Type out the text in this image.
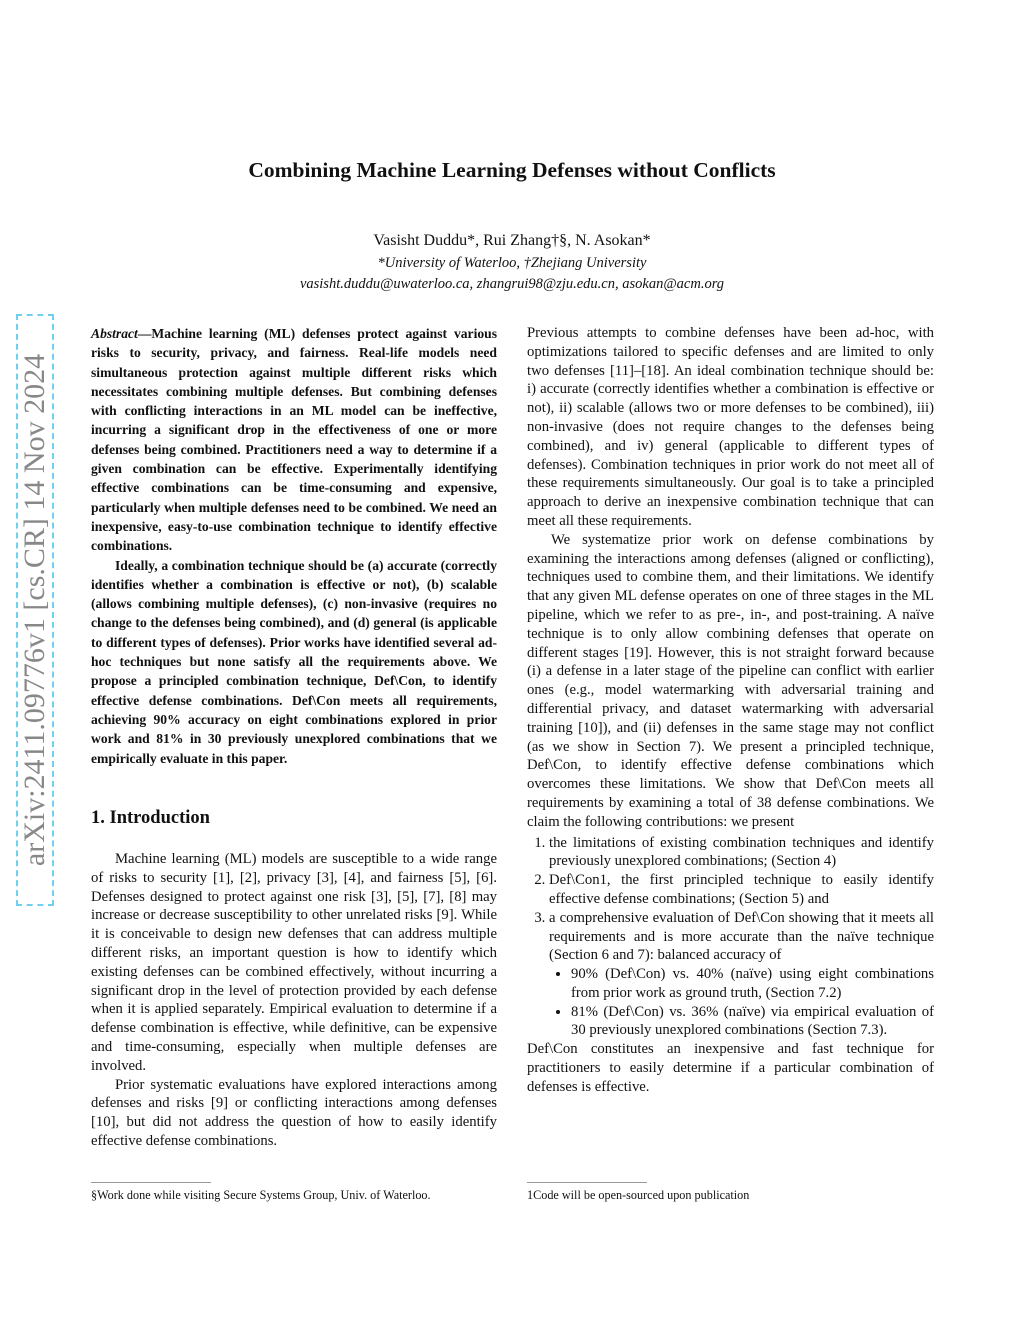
Combining Machine Learning Defenses without Conflicts
Vasisht Duddu*, Rui Zhang†§, N. Asokan*
*University of Waterloo, †Zhejiang University
vasisht.duddu@uwaterloo.ca, zhangrui98@zju.edu.cn, asokan@acm.org
arXiv:2411.09776v1 [cs.CR] 14 Nov 2024

Abstract—Machine learning (ML) defenses protect against various risks to security, privacy, and fairness. Real-life models need simultaneous protection against multiple different risks which necessitates combining multiple defenses. But combining defenses with conflicting interactions in an ML model can be ineffective, incurring a significant drop in the effectiveness of one or more defenses being combined. Practitioners need a way to determine if a given combination can be effective. Experimentally identifying effective combinations can be time-consuming and expensive, particularly when multiple defenses need to be combined. We need an inexpensive, easy-to-use combination technique to identify effective combinations.

Ideally, a combination technique should be (a) accurate (correctly identifies whether a combination is effective or not), (b) scalable (allows combining multiple defenses), (c) non-invasive (requires no change to the defenses being combined), and (d) general (is applicable to different types of defenses). Prior works have identified several ad-hoc techniques but none satisfy all the requirements above. We propose a principled combination technique, Def\Con, to identify effective defense combinations. Def\Con meets all requirements, achieving 90% accuracy on eight combinations explored in prior work and 81% in 30 previously unexplored combinations that we empirically evaluate in this paper.

1. Introduction

Machine learning (ML) models are susceptible to a wide range of risks to security [1], [2], privacy [3], [4], and fairness [5], [6]. Defenses designed to protect against one risk [3], [5], [7], [8] may increase or decrease susceptibility to other unrelated risks [9]. While it is conceivable to design new defenses that can address multiple different risks, an important question is how to identify which existing defenses can be combined effectively, without incurring a significant drop in the level of protection provided by each defense when it is applied separately. Empirical evaluation to determine if a defense combination is effective, while definitive, can be expensive and time-consuming, especially when multiple defenses are involved.

Prior systematic evaluations have explored interactions among defenses and risks [9] or conflicting interactions among defenses [10], but did not address the question of how to easily identify effective defense combinations.

Previous attempts to combine defenses have been ad-hoc, with optimizations tailored to specific defenses and are limited to only two defenses [11]–[18]. An ideal combination technique should be: i) accurate (correctly identifies whether a combination is effective or not), ii) scalable (allows two or more defenses to be combined), iii) non-invasive (does not require changes to the defenses being combined), and iv) general (applicable to different types of defenses). Combination techniques in prior work do not meet all of these requirements simultaneously. Our goal is to take a principled approach to derive an inexpensive combination technique that can meet all these requirements.

We systematize prior work on defense combinations by examining the interactions among defenses (aligned or conflicting), techniques used to combine them, and their limitations. We identify that any given ML defense operates on one of three stages in the ML pipeline, which we refer to as pre-, in-, and post-training. A naïve technique is to only allow combining defenses that operate on different stages [19]. However, this is not straight forward because (i) a defense in a later stage of the pipeline can conflict with earlier ones (e.g., model watermarking with adversarial training and differential privacy, and dataset watermarking with adversarial training [10]), and (ii) defenses in the same stage may not conflict (as we show in Section 7). We present a principled technique, Def\Con, to identify effective defense combinations which overcomes these limitations. We show that Def\Con meets all requirements by examining a total of 38 defense combinations. We claim the following contributions: we present

1. the limitations of existing combination techniques and identify previously unexplored combinations; (Section 4)
2. Def\Con1, the first principled technique to easily identify effective defense combinations; (Section 5) and
3. a comprehensive evaluation of Def\Con showing that it meets all requirements and is more accurate than the naïve technique (Section 6 and 7): balanced accuracy of
• 90% (Def\Con) vs. 40% (naïve) using eight combinations from prior work as ground truth, (Section 7.2)
• 81% (Def\Con) vs. 36% (naïve) via empirical evaluation of 30 previously unexplored combinations (Section 7.3).

Def\Con constitutes an inexpensive and fast technique for practitioners to easily determine if a particular combination of defenses is effective.

§Work done while visiting Secure Systems Group, Univ. of Waterloo.	1Code will be open-sourced upon publication
